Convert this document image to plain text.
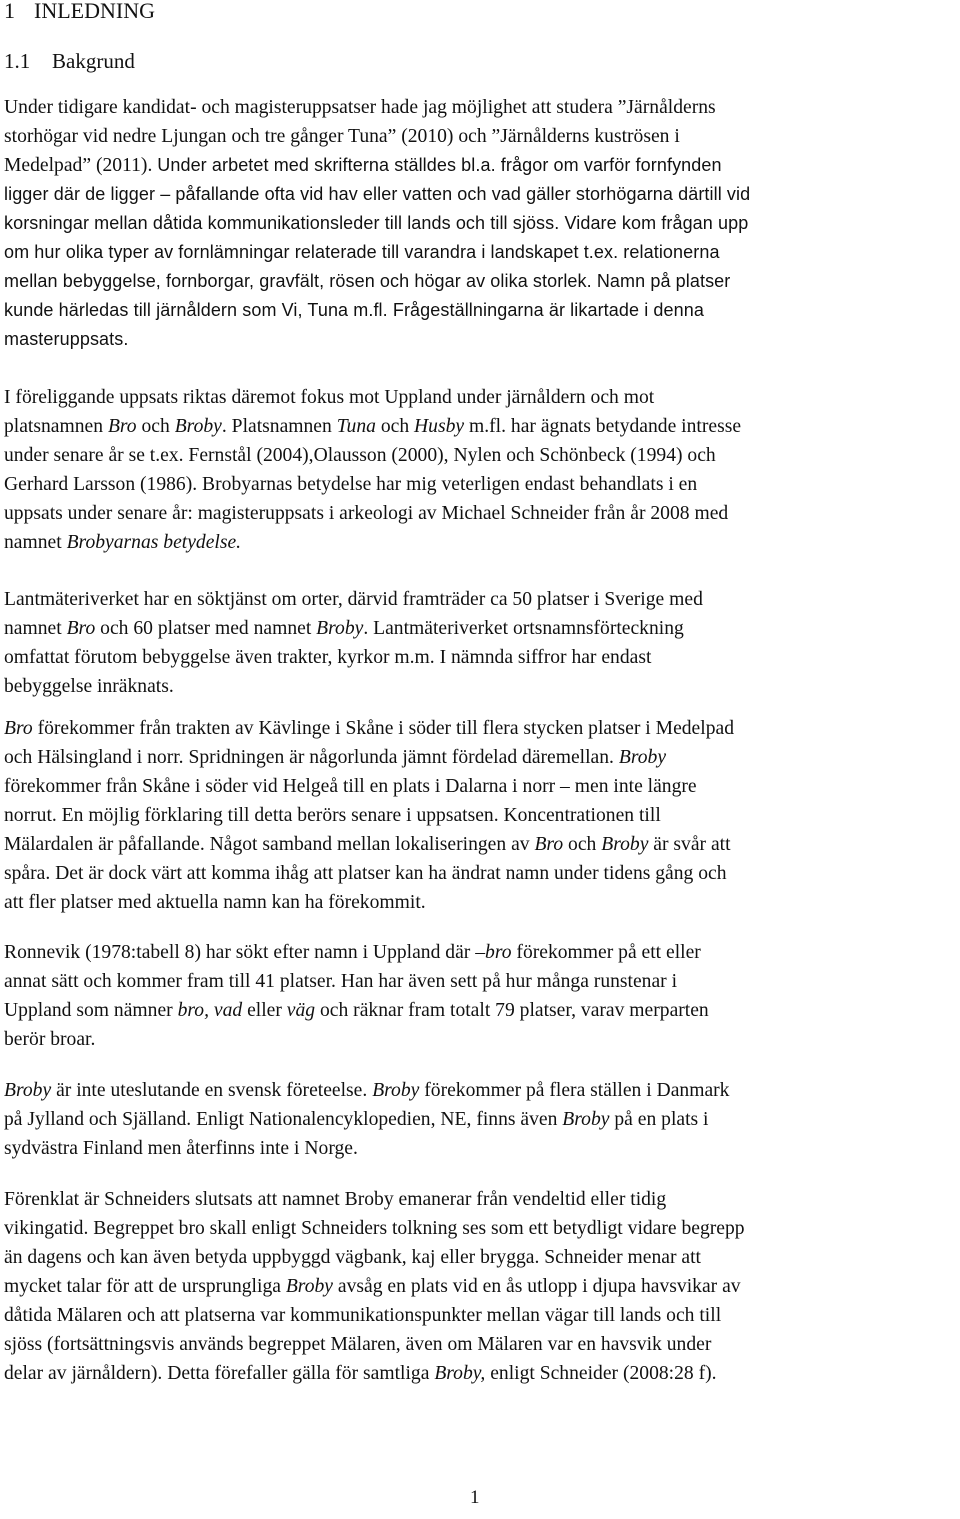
1 INLEDNING
1.1 Bakgrund
Under tidigare kandidat- och magisteruppsatser hade jag möjlighet att studera ”Järnålderns
storhögar vid nedre Ljungan och tre gånger Tuna” (2010) och ”Järnålderns kuströsen i
Medelpad” (2011). Under arbetet med skrifterna ställdes bl.a. frågor om varför fornfynden
ligger där de ligger – påfallande ofta vid hav eller vatten och vad gäller storhögarna därtill vid
korsningar mellan dåtida kommunikationsleder till lands och till sjöss. Vidare kom frågan upp
om hur olika typer av fornlämningar relaterade till varandra i landskapet t.ex. relationerna
mellan bebyggelse, fornborgar, gravfält, rösen och högar av olika storlek. Namn på platser
kunde härledas till järnåldern som Vi, Tuna m.fl. Frågeställningarna är likartade i denna
masteruppsats.
I föreliggande uppsats riktas däremot fokus mot Uppland under järnåldern och mot
platsnamnen Bro och Broby. Platsnamnen Tuna och Husby m.fl. har ägnats betydande intresse
under senare år se t.ex. Fernstål (2004),Olausson (2000), Nylen och Schönbeck (1994) och
Gerhard Larsson (1986). Brobyarnas betydelse har mig veterligen endast behandlats i en
uppsats under senare år: magisteruppsats i arkeologi av Michael Schneider från år 2008 med
namnet Brobyarnas betydelse.
Lantmäteriverket har en söktjänst om orter, därvid framträder ca 50 platser i Sverige med
namnet Bro och 60 platser med namnet Broby. Lantmäteriverket ortsnamnsförteckning
omfattat förutom bebyggelse även trakter, kyrkor m.m. I nämnda siffror har endast
bebyggelse inräknats.
Bro förekommer från trakten av Kävlinge i Skåne i söder till flera stycken platser i Medelpad
och Hälsingland i norr. Spridningen är någorlunda jämnt fördelad däremellan. Broby
förekommer från Skåne i söder vid Helgeå till en plats i Dalarna i norr – men inte längre
norrut. En möjlig förklaring till detta berörs senare i uppsatsen. Koncentrationen till
Mälardalen är påfallande. Något samband mellan lokaliseringen av Bro och Broby är svår att
spåra. Det är dock värt att komma ihåg att platser kan ha ändrat namn under tidens gång och
att fler platser med aktuella namn kan ha förekommit.
Ronnevik (1978:tabell 8) har sökt efter namn i Uppland där –bro förekommer på ett eller
annat sätt och kommer fram till 41 platser. Han har även sett på hur många runstenar i
Uppland som nämner bro, vad eller väg och räknar fram totalt 79 platser, varav merparten
berör broar.
Broby är inte uteslutande en svensk företeelse. Broby förekommer på flera ställen i Danmark
på Jylland och Själland. Enligt Nationalencyklopedien, NE, finns även Broby på en plats i
sydvästra Finland men återfinns inte i Norge.
Förenklat är Schneiders slutsats att namnet Broby emanerar från vendeltid eller tidig
vikingatid. Begreppet bro skall enligt Schneiders tolkning ses som ett betydligt vidare begrepp
än dagens och kan även betyda uppbyggd vägbank, kaj eller brygga. Schneider menar att
mycket talar för att de ursprungliga Broby avsåg en plats vid en ås utlopp i djupa havsvikar av
dåtida Mälaren och att platserna var kommunikationspunkter mellan vägar till lands och till
sjöss (fortsättningsvis används begreppet Mälaren, även om Mälaren var en havsvik under
delar av järnåldern). Detta förefaller gälla för samtliga Broby, enligt Schneider (2008:28 f).
1
